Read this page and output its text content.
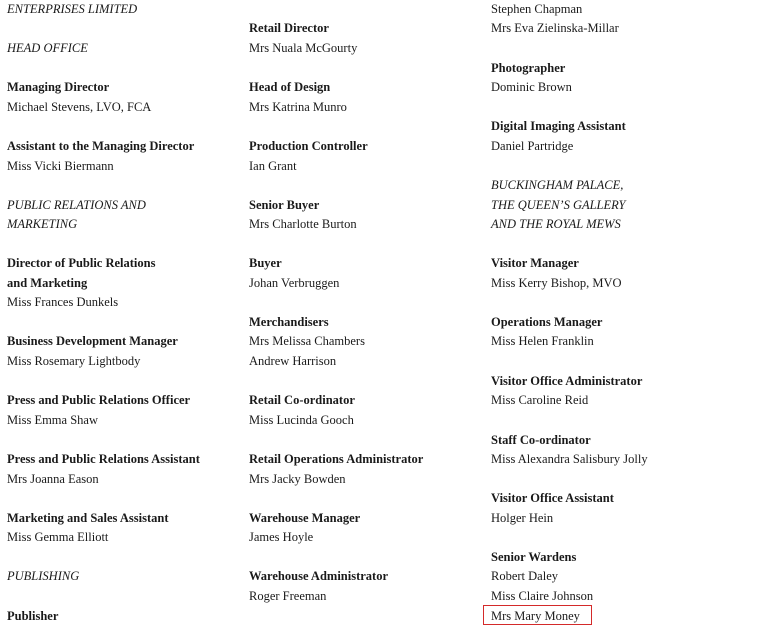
ENTERPRISES LIMITED
HEAD OFFICE
Managing Director
Michael Stevens, LVO, FCA
Assistant to the Managing Director
Miss Vicki Biermann
PUBLIC RELATIONS AND
MARKETING
Director of Public Relations
and Marketing
Miss Frances Dunkels
Business Development Manager
Miss Rosemary Lightbody
Press and Public Relations Officer
Miss Emma Shaw
Press and Public Relations Assistant
Mrs Joanna Eason
Marketing and Sales Assistant
Miss Gemma Elliott
PUBLISHING
Publisher
Retail Director
Mrs Nuala McGourty
Head of Design
Mrs Katrina Munro
Production Controller
Ian Grant
Senior Buyer
Mrs Charlotte Burton
Buyer
Johan Verbruggen
Merchandisers
Mrs Melissa Chambers
Andrew Harrison
Retail Co-ordinator
Miss Lucinda Gooch
Retail Operations Administrator
Mrs Jacky Bowden
Warehouse Manager
James Hoyle
Warehouse Administrator
Roger Freeman
Stephen Chapman
Mrs Eva Zielinska-Millar
Photographer
Dominic Brown
Digital Imaging Assistant
Daniel Partridge
BUCKINGHAM PALACE,
THE QUEEN’S GALLERY
AND THE ROYAL MEWS
Visitor Manager
Miss Kerry Bishop, MVO
Operations Manager
Miss Helen Franklin
Visitor Office Administrator
Miss Caroline Reid
Staff Co-ordinator
Miss Alexandra Salisbury Jolly
Visitor Office Assistant
Holger Hein
Senior Wardens
Robert Daley
Miss Claire Johnson
Mrs Mary Money
